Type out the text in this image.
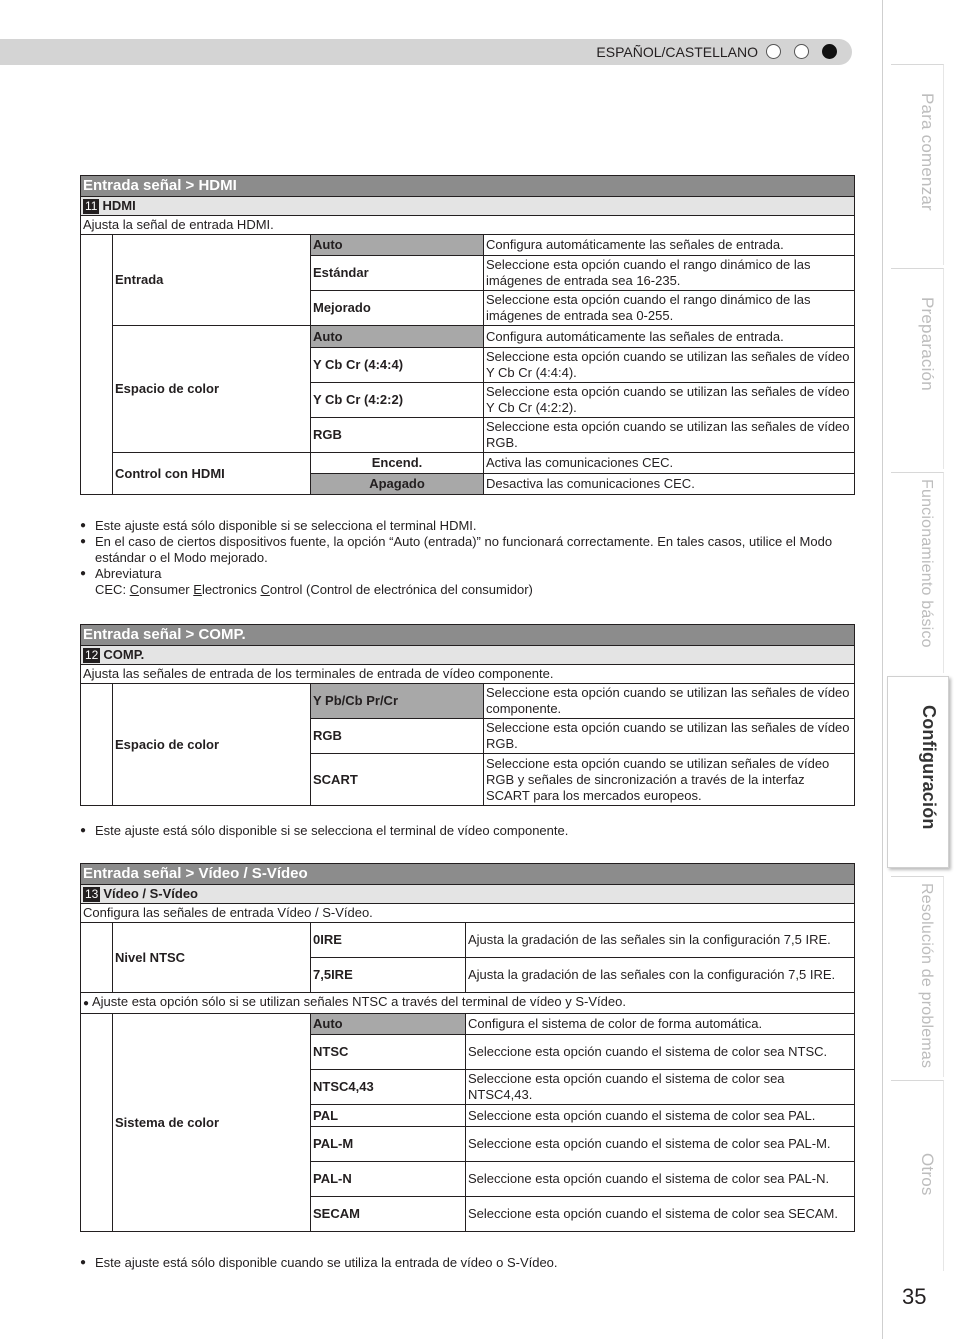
ESPAÑOL/CASTELLANO
Para comenzar
Preparación
Funcionamiento básico
Configuración
Resolución de problemas
Otros
35
Entrada señal > HDMI			
11 HDMI			
Ajusta la señal de entrada HDMI.			
	Entrada	Auto	Configura automáticamente las señales de entrada.
		Estándar	Seleccione esta opción cuando el rango dinámico de las imágenes de entrada sea 16-235.
		Mejorado	Seleccione esta opción cuando el rango dinámico de las imágenes de entrada sea 0-255.
	Espacio de color	Auto	Configura automáticamente las señales de entrada.
		Y Cb Cr (4:4:4)	Seleccione esta opción cuando se utilizan las señales de vídeo Y Cb Cr (4:4:4).
		Y Cb Cr (4:2:2)	Seleccione esta opción cuando se utilizan las señales de vídeo Y Cb Cr (4:2:2).
		RGB	Seleccione esta opción cuando se utilizan las señales de vídeo RGB.
	Control con HDMI	Encend.	Activa las comunicaciones CEC.
		Apagado	Desactiva las comunicaciones CEC.
● Este ajuste está sólo disponible si se selecciona el terminal HDMI.
● En el caso de ciertos dispositivos fuente, la opción “Auto (entrada)” no funcionará correctamente. En tales casos, utilice el Modo estándar o el Modo mejorado.
● Abreviatura
CEC: Consumer Electronics Control (Control de electrónica del consumidor)
Entrada señal > COMP.			
12 COMP.			
Ajusta las señales de entrada de los terminales de entrada de vídeo componente.			
	Espacio de color	Y Pb/Cb Pr/Cr	Seleccione esta opción cuando se utilizan las señales de vídeo componente.
		RGB	Seleccione esta opción cuando se utilizan las señales de vídeo RGB.
		SCART	Seleccione esta opción cuando se utilizan señales de vídeo RGB y señales de sincronización a través de la interfaz SCART para los mercados europeos.
● Este ajuste está sólo disponible si se selecciona el terminal de vídeo componente.
Entrada señal > Vídeo / S-Vídeo			
13 Vídeo / S-Vídeo			
Configura las señales de entrada Vídeo / S-Vídeo.			
	Nivel NTSC	0IRE	Ajusta la gradación de las señales sin la configuración 7,5 IRE.
		7,5IRE	Ajusta la gradación de las señales con la configuración 7,5 IRE.
● Ajuste esta opción sólo si se utilizan señales NTSC a través del terminal de vídeo y S-Vídeo.			
	Sistema de color	Auto	Configura el sistema de color de forma automática.
		NTSC	Seleccione esta opción cuando el sistema de color sea NTSC.
		NTSC4,43	Seleccione esta opción cuando el sistema de color sea NTSC4,43.
		PAL	Seleccione esta opción cuando el sistema de color sea PAL.
		PAL-M	Seleccione esta opción cuando el sistema de color sea PAL-M.
		PAL-N	Seleccione esta opción cuando el sistema de color sea PAL-N.
		SECAM	Seleccione esta opción cuando el sistema de color sea SECAM.
● Este ajuste está sólo disponible cuando se utiliza la entrada de vídeo o S-Vídeo.
